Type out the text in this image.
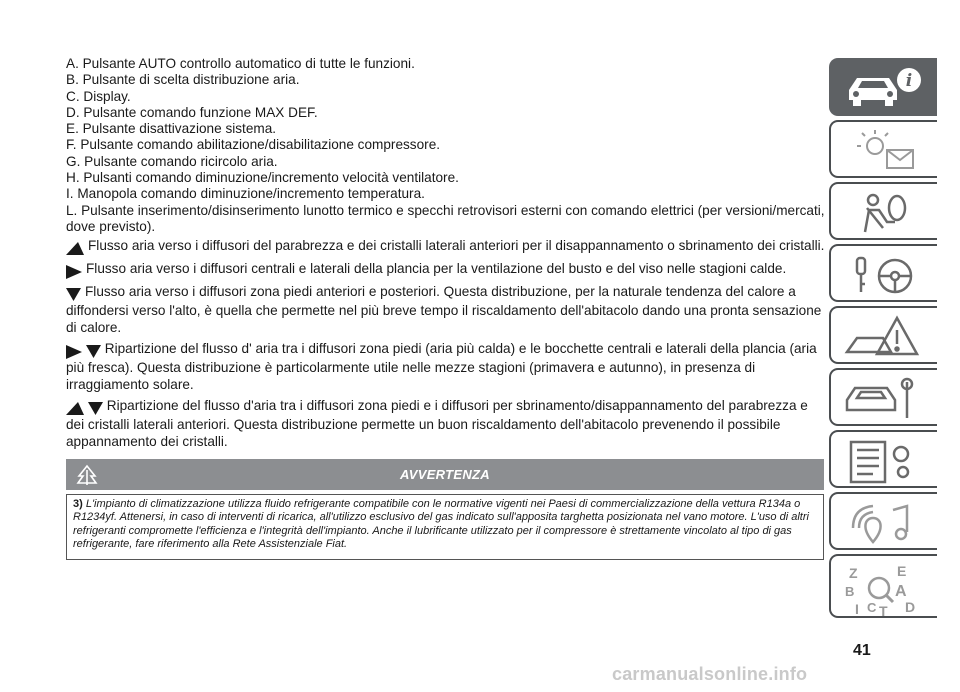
A. Pulsante AUTO controllo automatico di tutte le funzioni.

B. Pulsante di scelta distribuzione aria.

C. Display.

D. Pulsante comando funzione MAX DEF.

E. Pulsante disattivazione sistema.

F. Pulsante comando abilitazione/disabilitazione compressore.

G. Pulsante comando ricircolo aria.

H. Pulsanti comando diminuzione/incremento velocità ventilatore.

I. Manopola comando diminuzione/incremento temperatura.

L. Pulsante inserimento/disinserimento lunotto termico e specchi retrovisori esterni con comando elettrici (per versioni/mercati, dove previsto).

Flusso aria verso i diffusori del parabrezza e dei cristalli laterali anteriori per il disappannamento o sbrinamento dei cristalli.

Flusso aria verso i diffusori centrali e laterali della plancia per la ventilazione del busto e del viso nelle stagioni calde.

Flusso aria verso i diffusori zona piedi anteriori e posteriori. Questa distribuzione, per la naturale tendenza del calore a diffondersi verso l'alto, è quella che permette nel più breve tempo il riscaldamento dell'abitacolo dando una pronta sensazione di calore.

Ripartizione del flusso d' aria tra i diffusori zona piedi (aria più calda) e le bocchette centrali e laterali della plancia (aria più fresca). Questa distribuzione è particolarmente utile nelle mezze stagioni (primavera e autunno), in presenza di irraggiamento solare.

Ripartizione del flusso d'aria tra i diffusori zona piedi e i diffusori per sbrinamento/disappannamento del parabrezza e dei cristalli laterali anteriori. Questa distribuzione permette un buon riscaldamento dell'abitacolo prevenendo il possibile appannamento dei cristalli.

AVVERTENZA
3) L'impianto di climatizzazione utilizza fluido refrigerante compatibile con le normative vigenti nei Paesi di commercializzazione della vettura R134a o R1234yf. Attenersi, in caso di interventi di ricarica, all'utilizzo esclusivo del gas indicato sull'apposita targhetta posizionata nel vano motore. L'uso di altri refrigeranti compromette l'efficienza e l'integrità dell'impianto. Anche il lubrificante utilizzato per il compressore è strettamente vincolato al tipo di gas refrigerante, fare riferimento alla Rete Assistenziale Fiat.
i
Z	E
B	A
I C T D
41
carmanualsonline.info
